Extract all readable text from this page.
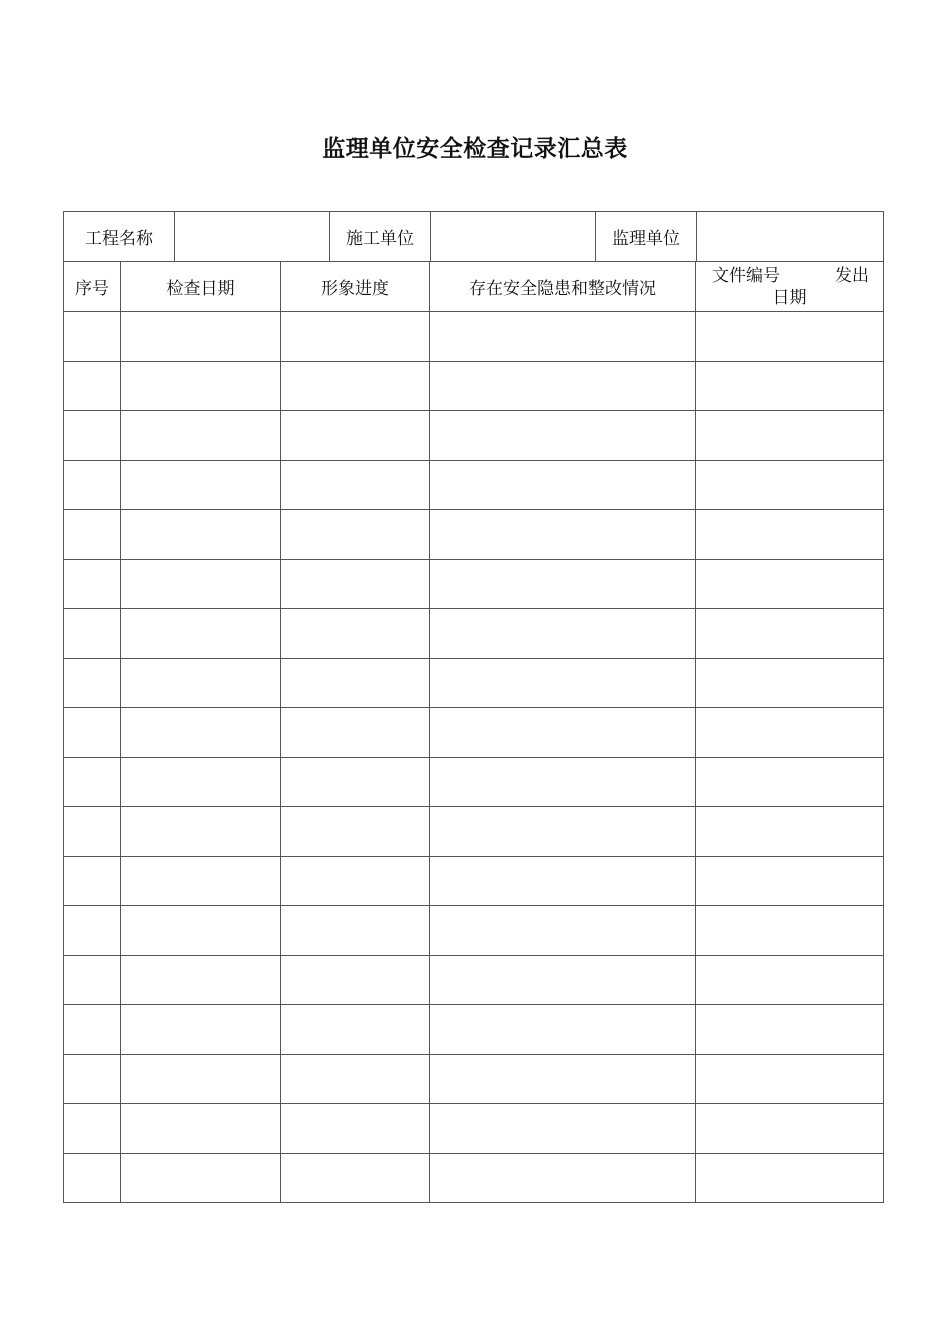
监理单位安全检查记录汇总表
工程名称		施工单位		监理单位	
序号	检查日期	形象进度	存在安全隐患和整改情况	文件编号 发出
日期
